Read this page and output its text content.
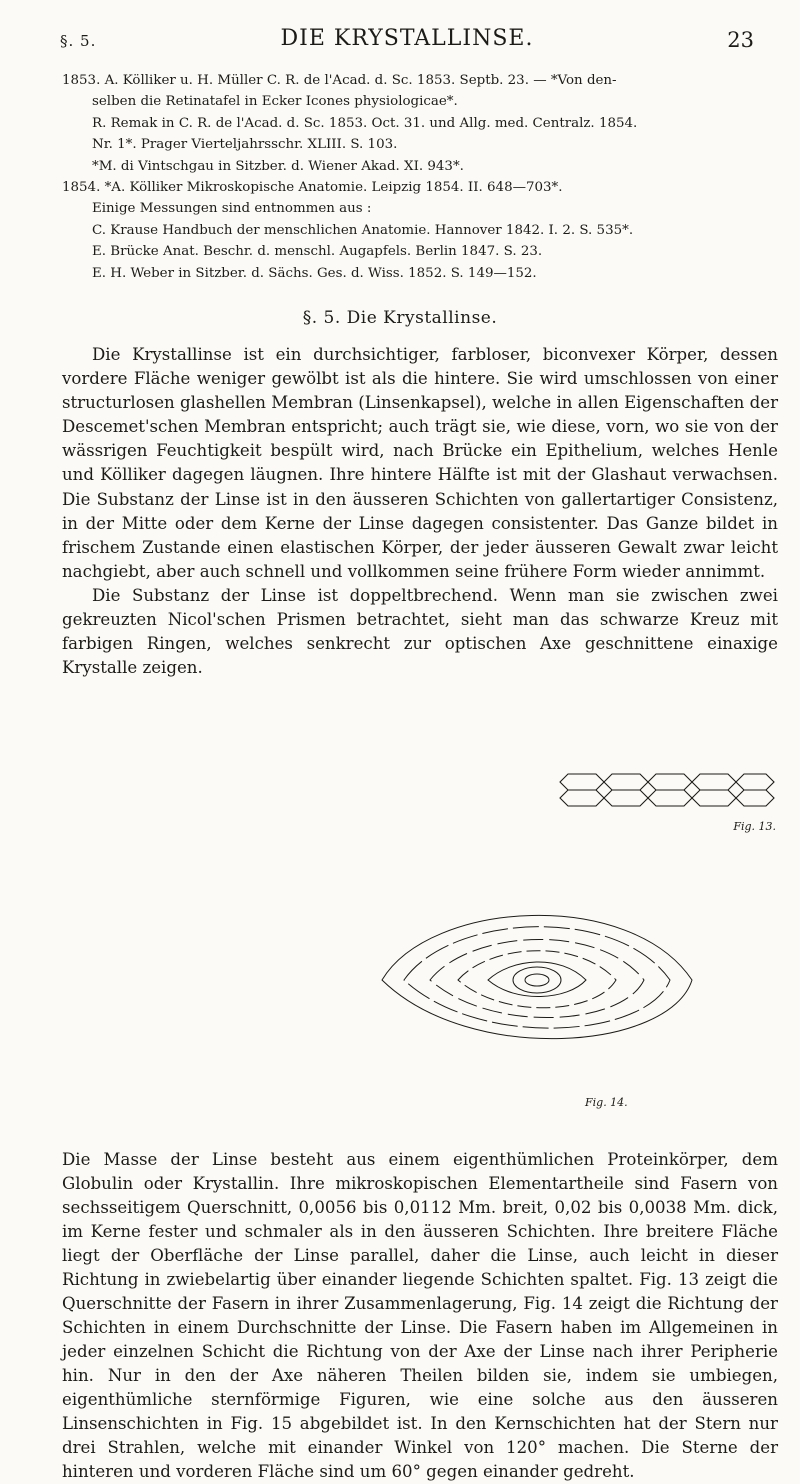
§. 5.	DIE KRYSTALLINSE.	23

1853. A. Kölliker u. H. Müller C. R. de l'Acad. d. Sc. 1853. Septb. 23. — *Von den-

selben die Retinatafel in Ecker Icones physiologicae*.

R. Remak in C. R. de l'Acad. d. Sc. 1853. Oct. 31. und Allg. med. Centralz. 1854.

Nr. 1*. Prager Vierteljahrsschr. XLIII. S. 103.

*M. di Vintschgau in Sitzber. d. Wiener Akad. XI. 943*.

1854. *A. Kölliker Mikroskopische Anatomie. Leipzig 1854. II. 648—703*.

Einige Messungen sind entnommen aus :

C. Krause Handbuch der menschlichen Anatomie. Hannover 1842. I. 2. S. 535*.

E. Brücke Anat. Beschr. d. menschl. Augapfels. Berlin 1847. S. 23.

E. H. Weber in Sitzber. d. Sächs. Ges. d. Wiss. 1852. S. 149—152.

§. 5. Die Krystallinse.

Die Krystallinse ist ein durchsichtiger, farbloser, biconvexer Körper, dessen vordere Fläche weniger gewölbt ist als die hintere. Sie wird umschlossen von einer structurlosen glashellen Membran (Linsenkapsel), welche in allen Eigenschaften der Descemet'schen Membran entspricht; auch trägt sie, wie diese, vorn, wo sie von der wässrigen Feuchtigkeit bespült wird, nach Brücke ein Epithelium, welches Henle und Kölliker dagegen läugnen. Ihre hintere Hälfte ist mit der Glashaut verwachsen. Die Substanz der Linse ist in den äusseren Schichten von gallertartiger Consistenz, in der Mitte oder dem Kerne der Linse dagegen consistenter. Das Ganze bildet in frischem Zustande einen elastischen Körper, der jeder äusseren Gewalt zwar leicht nachgiebt, aber auch schnell und vollkommen seine frühere Form wieder annimmt.

Die Substanz der Linse ist doppeltbrechend. Wenn man sie zwischen zwei gekreuzten Nicol'schen Prismen betrachtet, sieht man das schwarze Kreuz mit farbigen Ringen, welches senkrecht zur optischen Axe geschnittene einaxige Krystalle zeigen.

Die Masse der Linse besteht aus einem eigenthümlichen Proteinkörper, dem Globulin oder Krystallin. Ihre mikroskopischen Elementartheile sind Fasern von sechsseitigem Querschnitt, 0,0056 bis 0,0112 Mm. breit, 0,02 bis 0,0038 Mm. dick, im Kerne fester und schmaler als in den äusseren Schichten. Ihre breitere Fläche liegt der Oberfläche der Linse parallel, daher die Linse, auch leicht in dieser Richtung in zwiebelartig über einander liegende Schichten spaltet. Fig. 13 zeigt die Querschnitte der Fasern in ihrer Zusammenlagerung, Fig. 14 zeigt die Richtung der Schichten in einem Durchschnitte der Linse. Die Fasern haben im Allgemeinen in jeder einzelnen Schicht die Richtung von der Axe der Linse nach ihrer Peripherie hin. Nur in den der Axe näheren Theilen bilden sie, indem sie umbiegen, eigenthümliche sternförmige Figuren, wie eine solche aus den äusseren Linsenschichten in Fig. 15 abgebildet ist. In den Kernschichten hat der Stern nur drei Strahlen, welche mit einander Winkel von 120° machen. Die Sterne der hinteren und vorderen Fläche sind um 60° gegen einander gedreht.

Fig. 13.
Fig. 14.
